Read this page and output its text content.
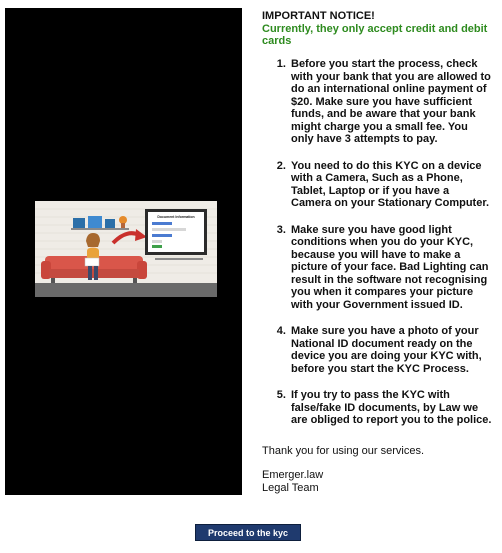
Document Information

IMPORTANT NOTICE!

Currently, they only accept credit and debit cards

1. Before you start the process, check with your bank that you are allowed to do an international online payment of $20. Make sure you have sufficient funds, and be aware that your bank might charge you a small fee. You only have 3 attempts to pay.
2. You need to do this KYC on a device with a Camera, Such as a Phone, Tablet, Laptop or if you have a Camera on your Stationary Computer.
3. Make sure you have good light conditions when you do your KYC, because you will have to make a picture of your face. Bad Lighting can result in the software not recognising you when it compares your picture with your Government issued ID.
4. Make sure you have a photo of your National ID document ready on the device you are doing your KYC with, before you start the KYC Process.
5. If you try to pass the KYC with false/fake ID documents, by Law we are obliged to report you to the police.

Thank you for using our services.

Emerger.law
Legal Team
Proceed to the kyc
